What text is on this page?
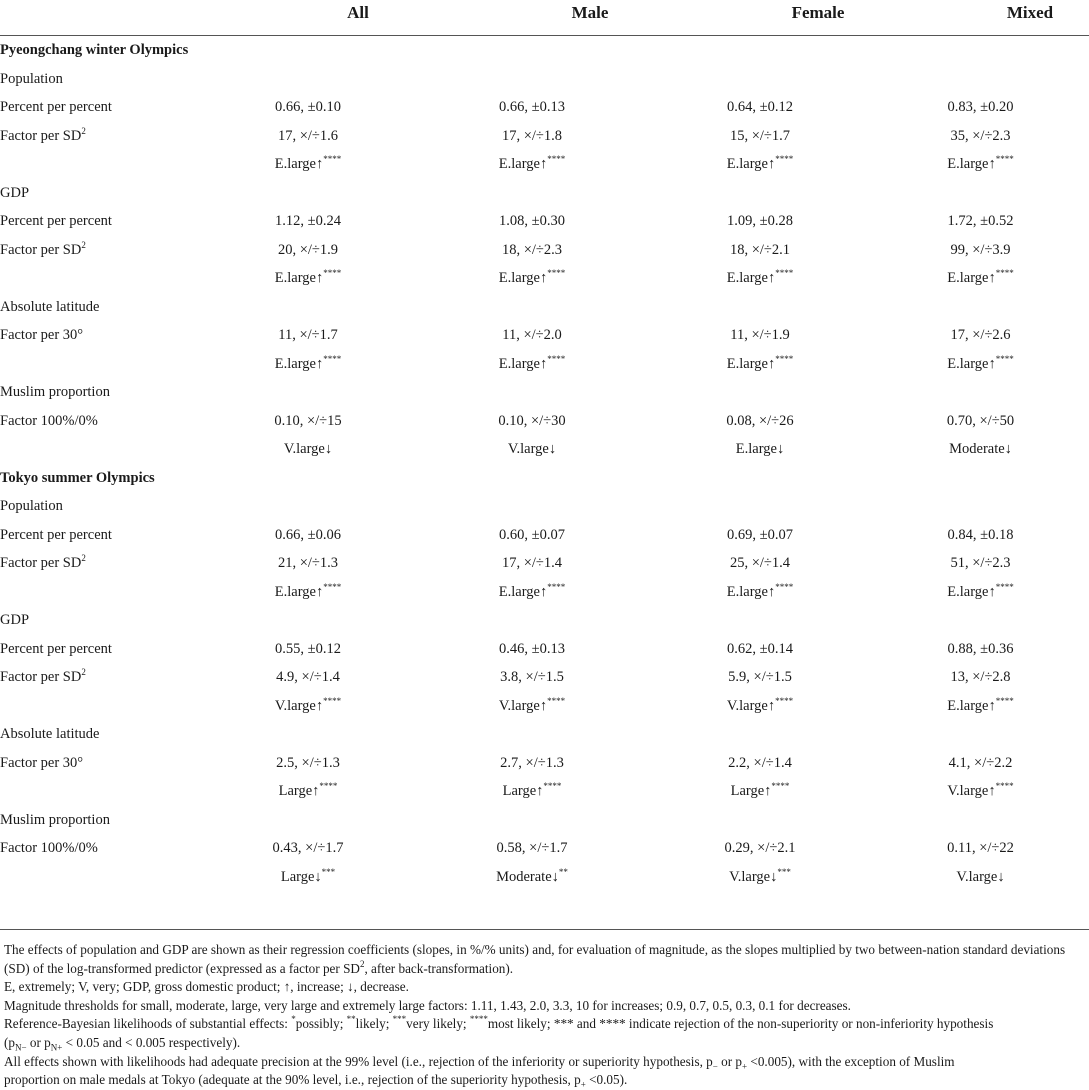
All	Male	Female	Mixed
Pyeongchang winter Olympics				
Population				
Percent per percent	0.66, ±0.10	0.66, ±0.13	0.64, ±0.12	0.83, ±0.20
Factor per $SD^2$	17, ×/÷1.6	17, ×/÷1.8	15, ×/÷1.7	35, ×/÷2.3
	E.large↑****	E.large↑****	E.large↑****	E.large↑****
GDP				
Percent per percent	1.12, ±0.24	1.08, ±0.30	1.09, ±0.28	1.72, ±0.52
Factor per $SD^2$	20, ×/÷1.9	18, ×/÷2.3	18, ×/÷2.1	99, ×/÷3.9
	E.large↑****	E.large↑****	E.large↑****	E.large↑****
Absolute latitude				
Factor per 30°	11, ×/÷1.7	11, ×/÷2.0	11, ×/÷1.9	17, ×/÷2.6
	E.large↑****	E.large↑****	E.large↑****	E.large↑****
Muslim proportion				
Factor 100%/0%	0.10, ×/÷15	0.10, ×/÷30	0.08, ×/÷26	0.70, ×/÷50
	V.large↓	V.large↓	E.large↓	Moderate↓
Tokyo summer Olympics				
Population				
Percent per percent	0.66, ±0.06	0.60, ±0.07	0.69, ±0.07	0.84, ±0.18
Factor per $SD^2$	21, ×/÷1.3	17, ×/÷1.4	25, ×/÷1.4	51, ×/÷2.3
	E.large↑****	E.large↑****	E.large↑****	E.large↑****
GDP				
Percent per percent	0.55, ±0.12	0.46, ±0.13	0.62, ±0.14	0.88, ±0.36
Factor per $SD^2$	4.9, ×/÷1.4	3.8, ×/÷1.5	5.9, ×/÷1.5	13, ×/÷2.8
	V.large↑****	V.large↑****	V.large↑****	E.large↑****
Absolute latitude				
Factor per 30°	2.5, ×/÷1.3	2.7, ×/÷1.3	2.2, ×/÷1.4	4.1, ×/÷2.2
	Large↑****	Large↑****	Large↑****	V.large↑****
Muslim proportion				
Factor 100%/0%	0.43, ×/÷1.7	0.58, ×/÷1.7	0.29, ×/÷2.1	0.11, ×/÷22
	Large↓***	Moderate↓**	V.large↓***	V.large↓

The effects of population and GDP are shown as their regression coefficients (slopes, in %/% units) and, for evaluation of magnitude, as the slopes multiplied by two between-nation standard deviations (SD) of the log-transformed predictor (expressed as a factor per $SD^2$, after back-transformation).

E, extremely; V, very; GDP, gross domestic product; ↑, increase; ↓, decrease.

Magnitude thresholds for small, moderate, large, very large and extremely large factors: 1.11, 1.43, 2.0, 3.3, 10 for increases; 0.9, 0.7, 0.5, 0.3, 0.1 for decreases.

Reference-Bayesian likelihoods of substantial effects: *possibly; **likely; ***very likely; ****most likely; *** and **** indicate rejection of the non-superiority or non-inferiority hypothesis

($p_{N-}$ or $p_{N+} < 0.05$ and < 0.005 respectively).

All effects shown with likelihoods had adequate precision at the 99% level (i.e., rejection of the inferiority or superiority hypothesis, $p_-$ or $p_+ <0.005$), with the exception of Muslim

proportion on male medals at Tokyo (adequate at the 90% level, i.e., rejection of the superiority hypothesis, $p_+ <0.05$).
